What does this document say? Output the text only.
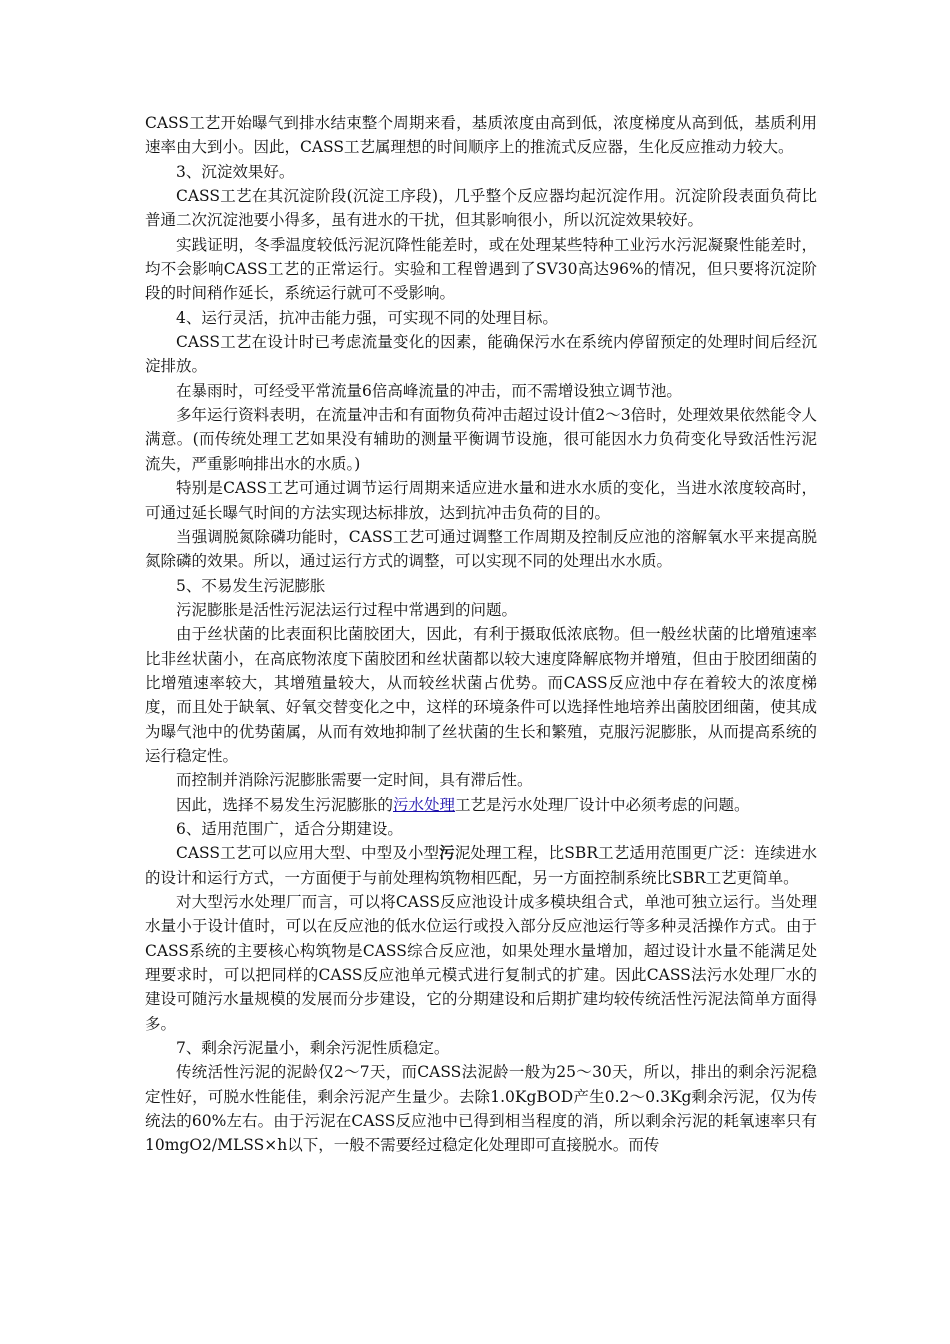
CASS工艺开始曝气到排水结束整个周期来看，基质浓度由高到低，浓度梯度从高到低，基质利用速率由大到小。因此，CASS工艺属理想的时间顺序上的推流式反应器，生化反应推动力较大。

3、沉淀效果好。

CASS工艺在其沉淀阶段(沉淀工序段)，几乎整个反应器均起沉淀作用。沉淀阶段表面负荷比普通二次沉淀池要小得多，虽有进水的干扰，但其影响很小，所以沉淀效果较好。

实践证明，冬季温度较低污泥沉降性能差时，或在处理某些特种工业污水污泥凝聚性能差时，均不会影响CASS工艺的正常运行。实验和工程曾遇到了SV30高达96%的情况，但只要将沉淀阶段的时间稍作延长，系统运行就可不受影响。

4、运行灵活，抗冲击能力强，可实现不同的处理目标。

CASS工艺在设计时已考虑流量变化的因素，能确保污水在系统内停留预定的处理时间后经沉淀排放。

在暴雨时，可经受平常流量6倍高峰流量的冲击，而不需增设独立调节池。

多年运行资料表明，在流量冲击和有面物负荷冲击超过设计值2～3倍时，处理效果依然能令人满意。(而传统处理工艺如果没有辅助的测量平衡调节设施，很可能因水力负荷变化导致活性污泥流失，严重影响排出水的水质。)

特别是CASS工艺可通过调节运行周期来适应进水量和进水水质的变化，当进水浓度较高时，可通过延长曝气时间的方法实现达标排放，达到抗冲击负荷的目的。

当强调脱氮除磷功能时，CASS工艺可通过调整工作周期及控制反应池的溶解氧水平来提高脱氮除磷的效果。所以，通过运行方式的调整，可以实现不同的处理出水水质。

5、不易发生污泥膨胀

污泥膨胀是活性污泥法运行过程中常遇到的问题。

由于丝状菌的比表面积比菌胶团大，因此，有利于摄取低浓底物。但一般丝状菌的比增殖速率比非丝状菌小，在高底物浓度下菌胶团和丝状菌都以较大速度降解底物并增殖，但由于胶团细菌的比增殖速率较大，其增殖量较大，从而较丝状菌占优势。而CASS反应池中存在着较大的浓度梯度，而且处于缺氧、好氧交替变化之中，这样的环境条件可以选择性地培养出菌胶团细菌，使其成为曝气池中的优势菌属，从而有效地抑制了丝状菌的生长和繁殖，克服污泥膨胀，从而提高系统的运行稳定性。

而控制并消除污泥膨胀需要一定时间，具有滞后性。

因此，选择不易发生污泥膨胀的污水处理工艺是污水处理厂设计中必须考虑的问题。

6、适用范围广，适合分期建设。

CASS工艺可以应用大型、中型及小型污泥处理工程，比SBR工艺适用范围更广泛：连续进水的设计和运行方式，一方面便于与前处理构筑物相匹配，另一方面控制系统比SBR工艺更简单。

对大型污水处理厂而言，可以将CASS反应池设计成多模块组合式，单池可独立运行。当处理水量小于设计值时，可以在反应池的低水位运行或投入部分反应池运行等多种灵活操作方式。由于CASS系统的主要核心构筑物是CASS综合反应池，如果处理水量增加，超过设计水量不能满足处理要求时，可以把同样的CASS反应池单元模式进行复制式的扩建。因此CASS法污水处理厂水的建设可随污水量规模的发展而分步建设，它的分期建设和后期扩建均较传统活性污泥法简单方面得多。

7、剩余污泥量小，剩余污泥性质稳定。

传统活性污泥的泥龄仅2～7天，而CASS法泥龄一般为25～30天，所以，排出的剩余污泥稳定性好，可脱水性能佳，剩余污泥产生量少。去除1.0KgBOD产生0.2～0.3Kg剩余污泥，仅为传统法的60%左右。由于污泥在CASS反应池中已得到相当程度的消，所以剩余污泥的耗氧速率只有10mgO2/MLSS×h以下，一般不需要经过稳定化处理即可直接脱水。而传
